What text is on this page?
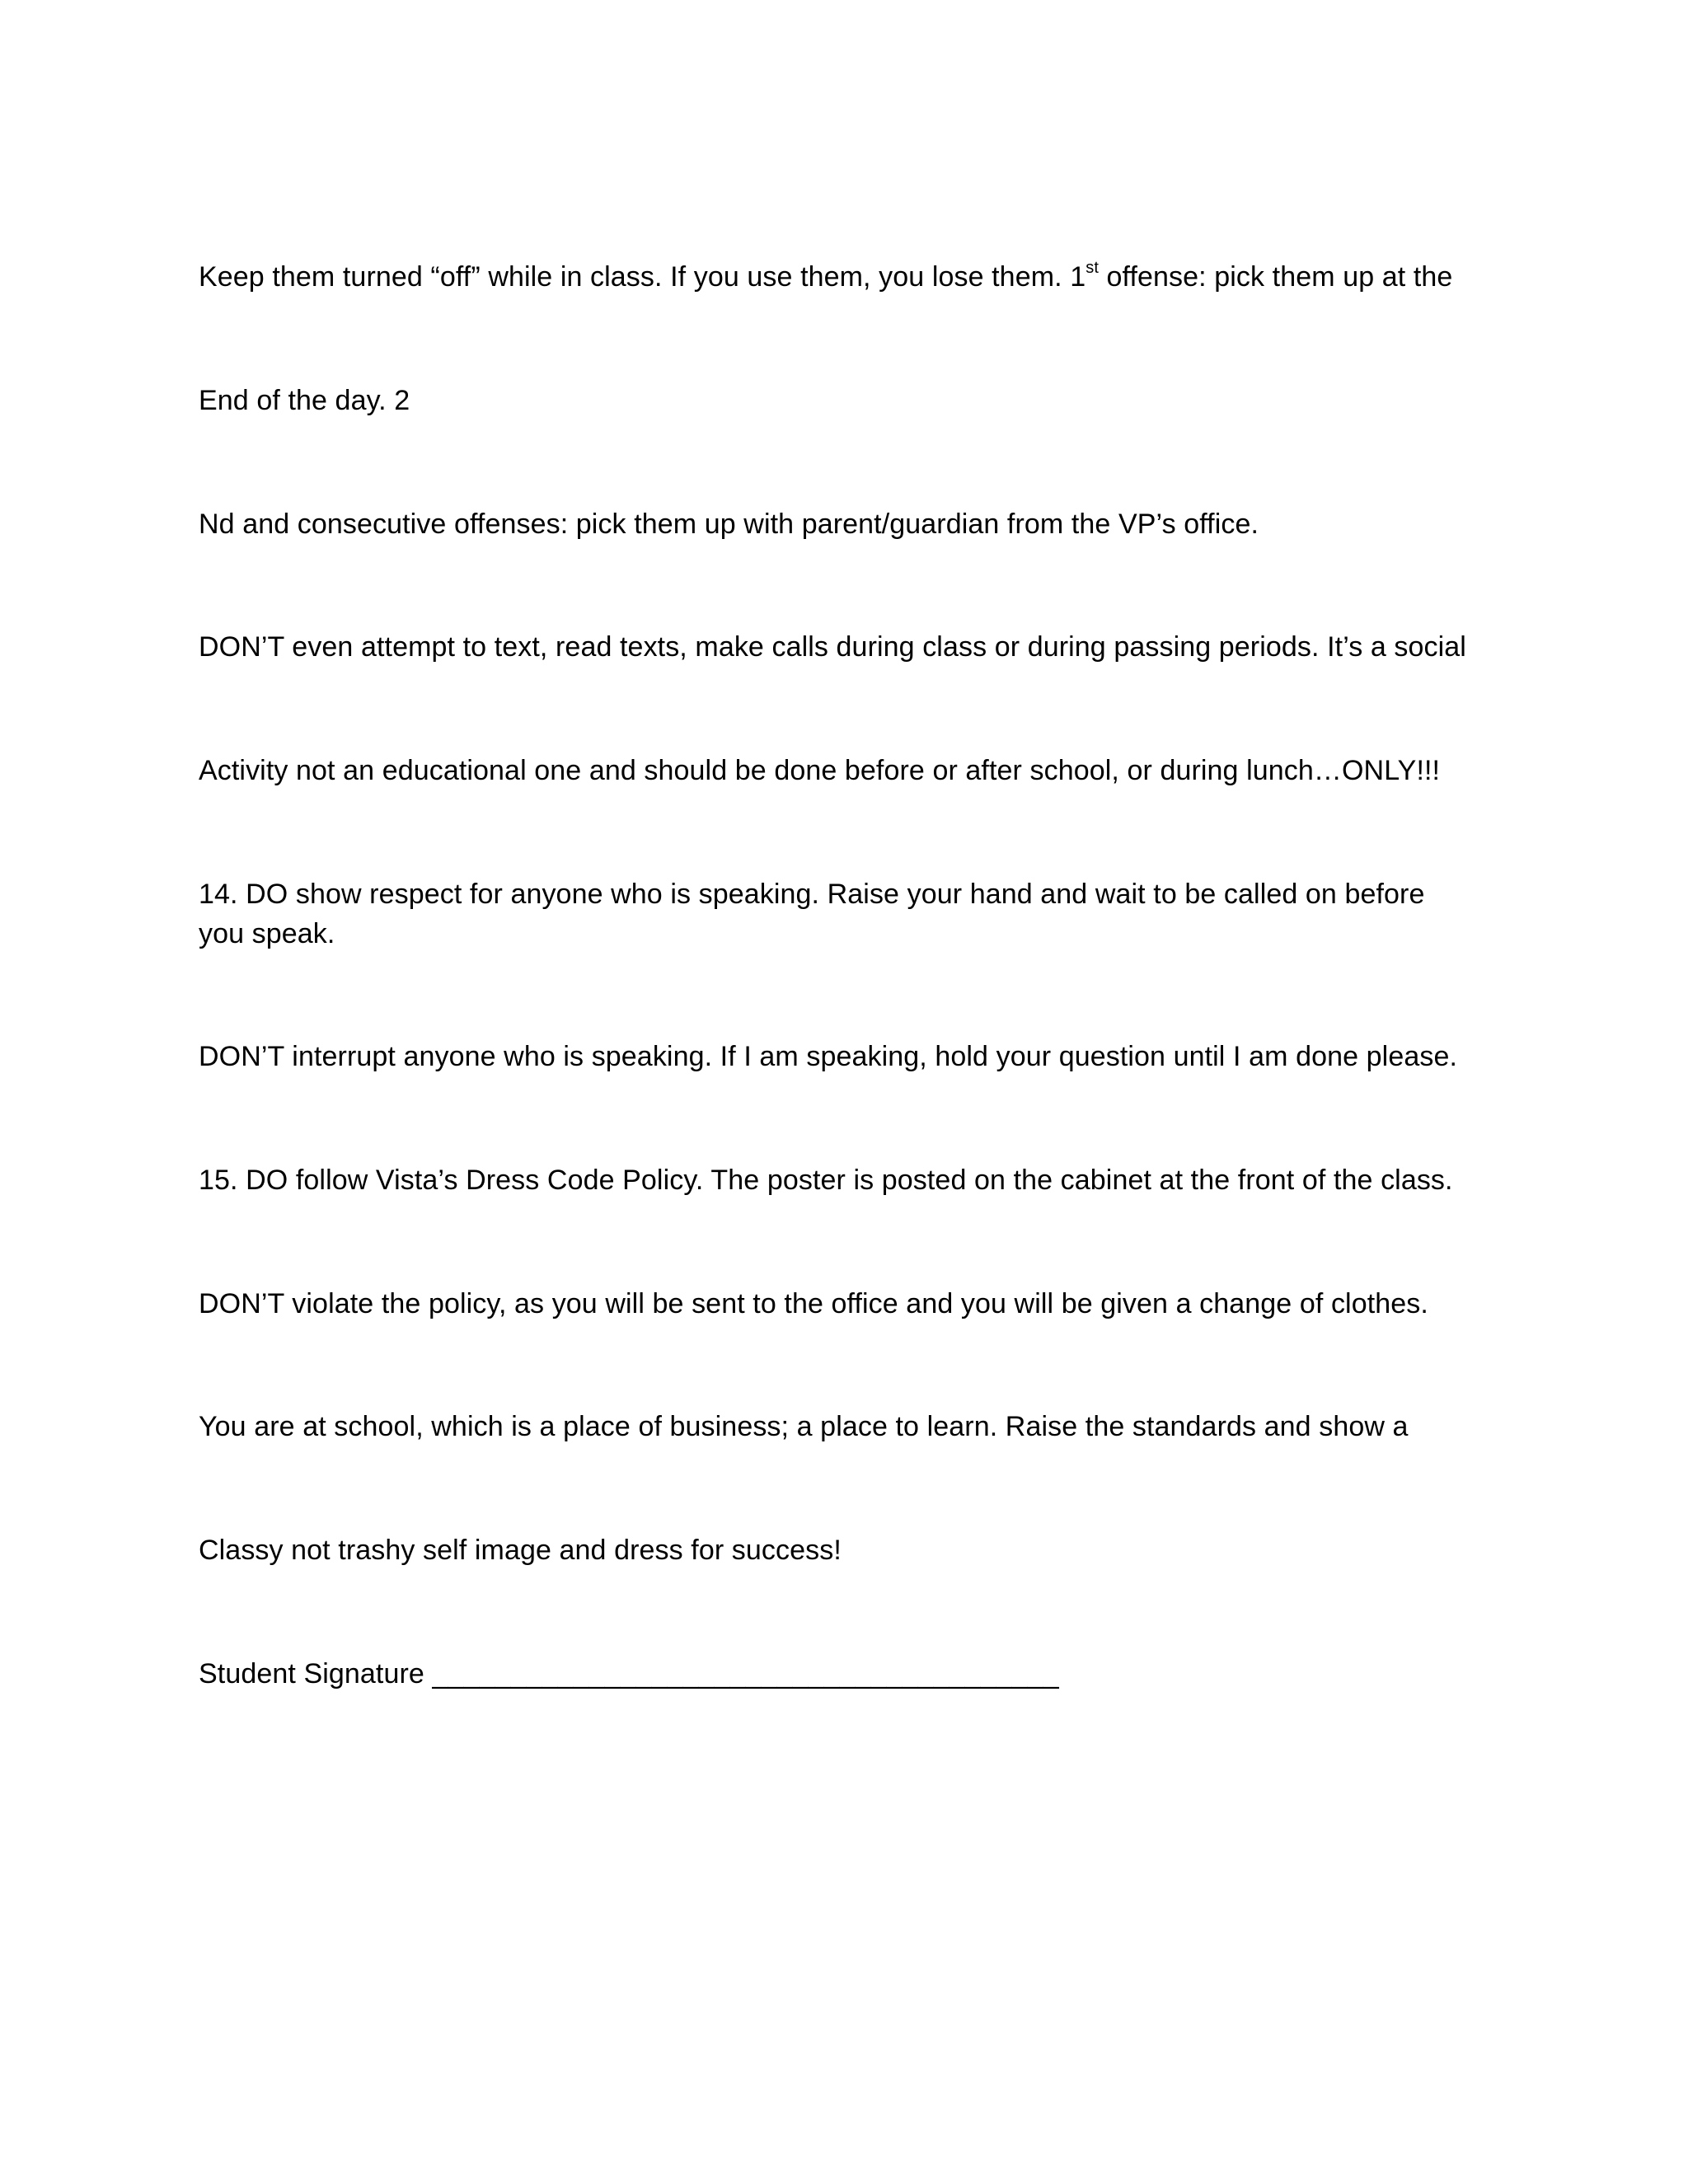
Keep them turned “off” while in class. If you use them, you lose them. 1st offense: pick them up at the
End of the day. 2
Nd and consecutive offenses: pick them up with parent/guardian from the VP’s office.
DON’T even attempt to text, read texts, make calls during class or during passing periods. It’s a social
Activity not an educational one and should be done before or after school, or during lunch…ONLY!!!
14. DO show respect for anyone who is speaking. Raise your hand and wait to be called on before you speak.
DON’T interrupt anyone who is speaking. If I am speaking, hold your question until I am done please.
15. DO follow Vista’s Dress Code Policy. The poster is posted on the cabinet at the front of the class.
DON’T violate the policy, as you will be sent to the office and you will be given a change of clothes.
You are at school, which is a place of business; a place to learn. Raise the standards and show a
Classy not trashy self image and dress for success!
Student Signature ________________________________________
